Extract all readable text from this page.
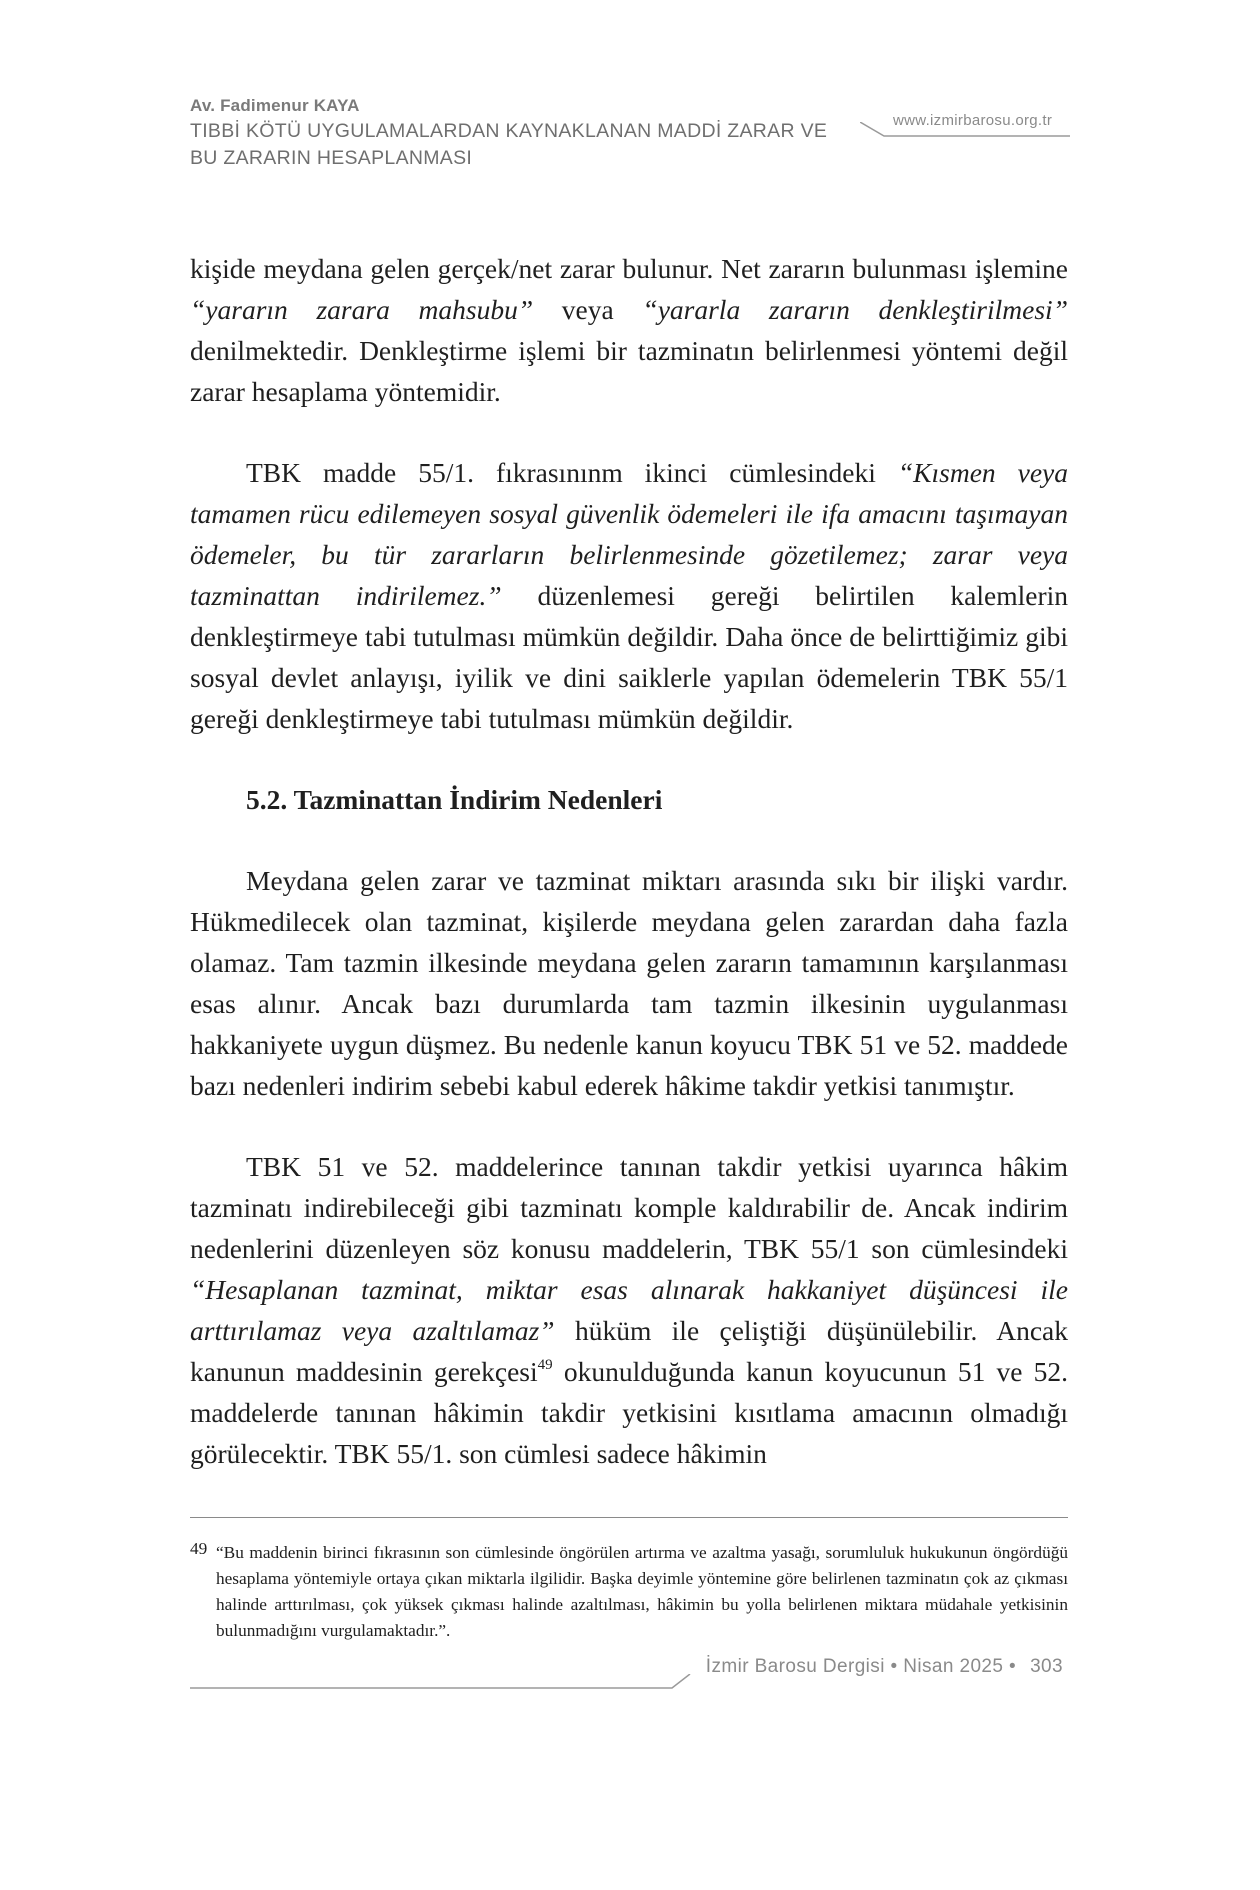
Av. Fadimenur KAYA
TIBBİ KÖTÜ UYGULAMALARDAN KAYNAKLANAN MADDİ ZARAR VE
BU ZARARIN HESAPLANMASI
www.izmirbarosu.org.tr

kişide meydana gelen gerçek/net zarar bulunur. Net zararın bulunması işlemine “yararın zarara mahsubu” veya “yararla zararın denkleştirilmesi” denilmektedir. Denkleştirme işlemi bir tazminatın belirlenmesi yöntemi değil zarar hesaplama yöntemidir.

TBK madde 55/1. fıkrasınınm ikinci cümlesindeki “Kısmen veya tamamen rücu edilemeyen sosyal güvenlik ödemeleri ile ifa amacını taşımayan ödemeler, bu tür zararların belirlenmesinde gözetilemez; zarar veya tazminattan indirilemez.” düzenlemesi gereği belirtilen kalemlerin denkleştirmeye tabi tutulması mümkün değildir. Daha önce de belirttiğimiz gibi sosyal devlet anlayışı, iyilik ve dini saiklerle yapılan ödemelerin TBK 55/1 gereği denkleştirmeye tabi tutulması mümkün değildir.

5.2. Tazminattan İndirim Nedenleri

Meydana gelen zarar ve tazminat miktarı arasında sıkı bir ilişki vardır. Hükmedilecek olan tazminat, kişilerde meydana gelen zarardan daha fazla olamaz. Tam tazmin ilkesinde meydana gelen zararın tamamının karşılanması esas alınır. Ancak bazı durumlarda tam tazmin ilkesinin uygulanması hakkaniyete uygun düşmez. Bu nedenle kanun koyucu TBK 51 ve 52. maddede bazı nedenleri indirim sebebi kabul ederek hâkime takdir yetkisi tanımıştır.

TBK 51 ve 52. maddelerince tanınan takdir yetkisi uyarınca hâkim tazminatı indirebileceği gibi tazminatı komple kaldırabilir de. Ancak indirim nedenlerini düzenleyen söz konusu maddelerin, TBK 55/1 son cümlesindeki “Hesaplanan tazminat, miktar esas alınarak hakkaniyet düşüncesi ile arttırılamaz veya azaltılamaz” hüküm ile çeliştiği düşünülebilir. Ancak kanunun maddesinin gerekçesi$^{49}$ okunulduğunda kanun koyucunun 51 ve 52. maddelerde tanınan hâkimin takdir yetkisini kısıtlama amacının olmadığı görülecektir. TBK 55/1. son cümlesi sadece hâkimin

49 “Bu maddenin birinci fıkrasının son cümlesinde öngörülen artırma ve azaltma yasağı, sorumluluk hukukunun öngördüğü hesaplama yöntemiyle ortaya çıkan miktarla ilgilidir. Başka deyimle yöntemine göre belirlenen tazminatın çok az çıkması halinde arttırılması, çok yüksek çıkması halinde azaltılması, hâkimin bu yolla belirlenen miktara müdahale yetkisinin bulunmadığını vurgulamaktadır.”.
İzmir Barosu Dergisi • Nisan 2025 • 303
